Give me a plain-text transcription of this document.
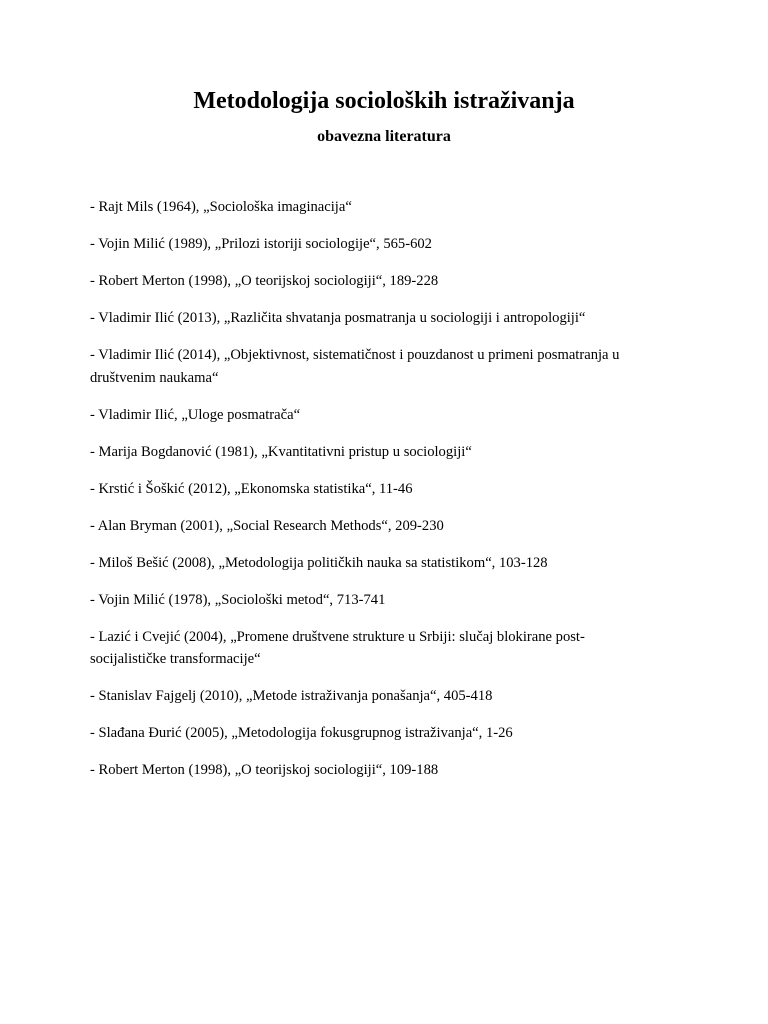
Metodologija socioloških istraživanja
obavezna literatura
- Rajt Mils (1964), „Sociološka imaginacija“
- Vojin Milić (1989), „Prilozi istoriji sociologije“, 565-602
- Robert Merton (1998), „O teorijskoj sociologiji“, 189-228
- Vladimir Ilić (2013), „Različita shvatanja posmatranja u sociologiji i antropologiji“
- Vladimir Ilić (2014), „Objektivnost, sistematičnost i pouzdanost u primeni posmatranja u društvenim naukama“
- Vladimir Ilić, „Uloge posmatrača“
- Marija Bogdanović (1981), „Kvantitativni pristup u sociologiji“
- Krstić i Šoškić (2012), „Ekonomska statistika“, 11-46
- Alan Bryman (2001), „Social Research Methods“, 209-230
- Miloš Bešić (2008), „Metodologija političkih nauka sa statistikom“, 103-128
- Vojin Milić (1978), „Sociološki metod“, 713-741
- Lazić i Cvejić (2004), „Promene društvene strukture u Srbiji: slučaj blokirane post-socijalističke transformacije“
- Stanislav Fajgelj (2010), „Metode istraživanja ponašanja“, 405-418
- Slađana Đurić (2005), „Metodologija fokusgrupnog istraživanja“, 1-26
- Robert Merton (1998), „O teorijskoj sociologiji“, 109-188
